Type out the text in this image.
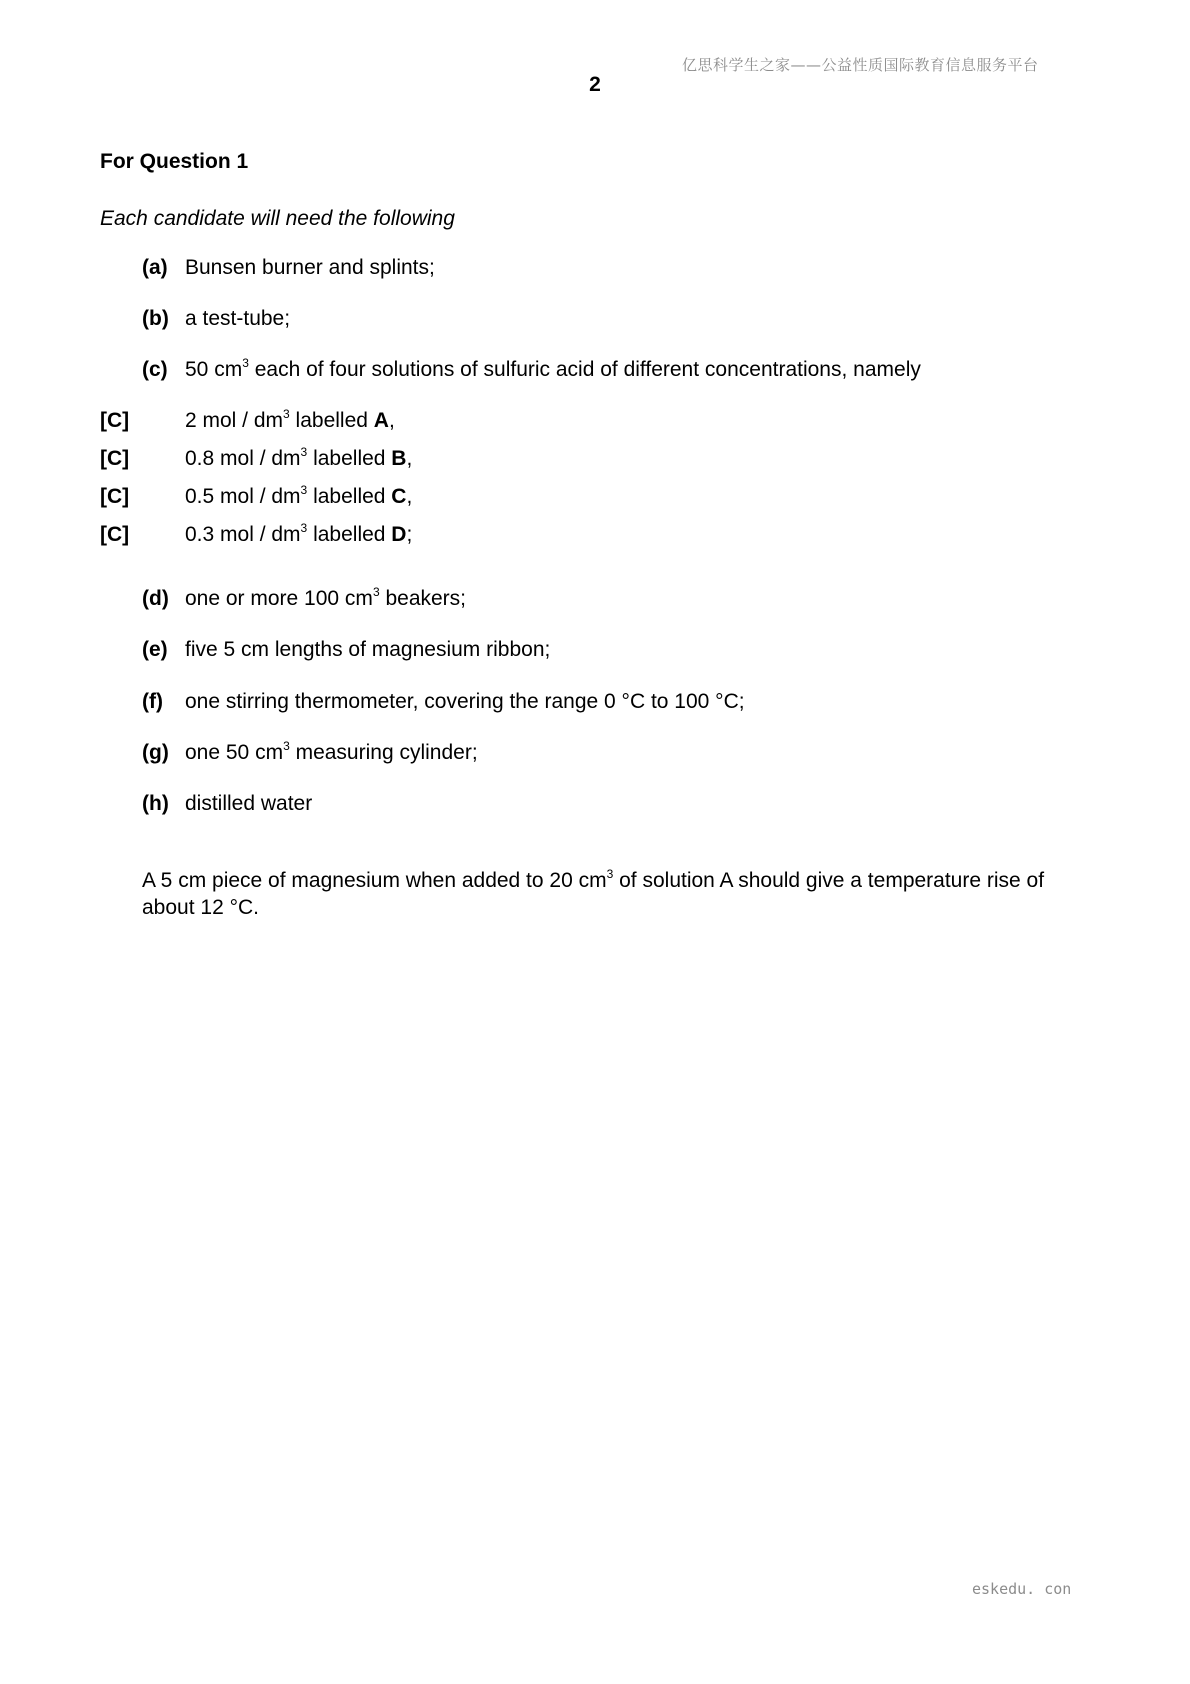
亿思科学生之家——公益性质国际教育信息服务平台
2
For Question 1
Each candidate will need the following
(a) Bunsen burner and splints;
(b) a test-tube;
(c) 50 $cm^3$ each of four solutions of sulfuric acid of different concentrations, namely
[C]	2 mol / $dm^3$ labelled A,
[C]	0.8 mol / $dm^3$ labelled B,
[C]	0.5 mol / $dm^3$ labelled C,
[C]	0.3 mol / $dm^3$ labelled D;
(d) one or more 100 $cm^3$ beakers;
(e) five 5 cm lengths of magnesium ribbon;
(f) one stirring thermometer, covering the range 0 °C to 100 °C;
(g) one 50 $cm^3$ measuring cylinder;
(h) distilled water
A 5 cm piece of magnesium when added to 20 $cm^3$ of solution A should give a temperature rise of about 12 °C.
eskedu. con
